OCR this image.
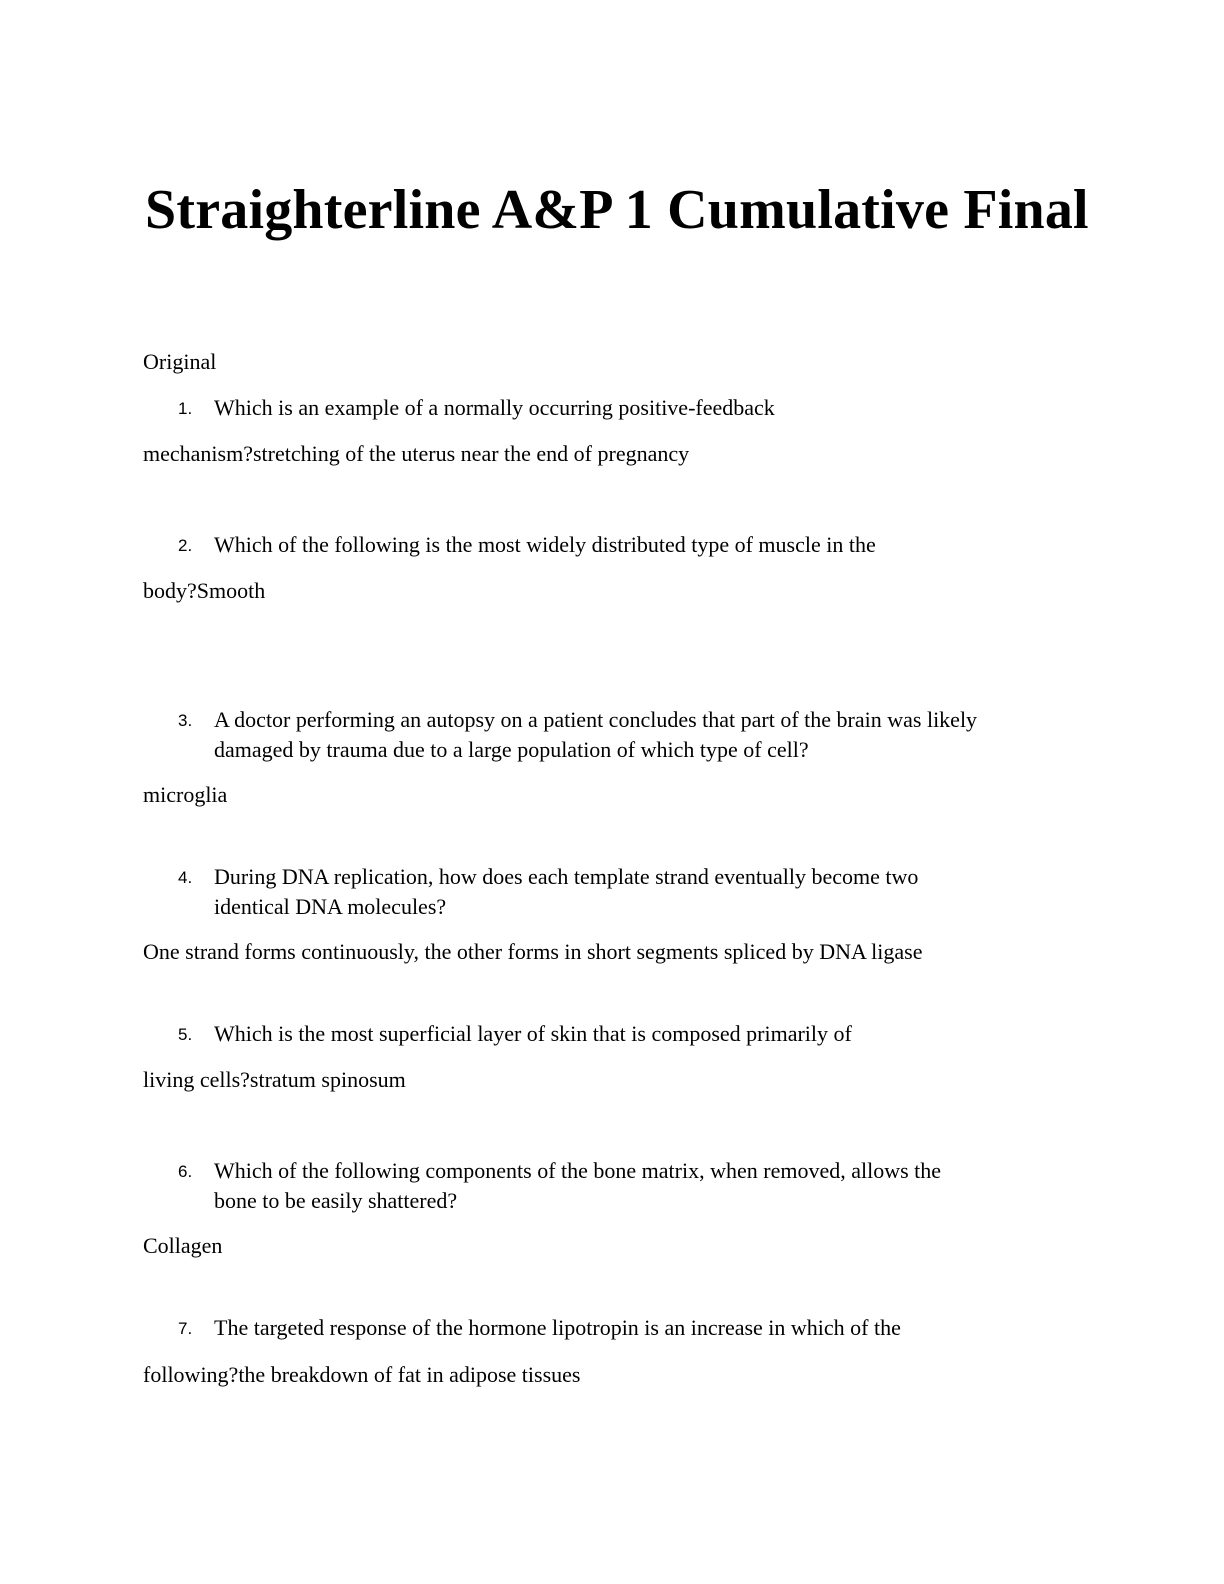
Straighterline A&P 1 Cumulative Final
Original
1. Which is an example of a normally occurring positive-feedback
mechanism?stretching of the uterus near the end of pregnancy
2. Which of the following is the most widely distributed type of muscle in the
body?Smooth
3. A doctor performing an autopsy on a patient concludes that part of the brain was likely
damaged by trauma due to a large population of which type of cell?
microglia
4. During DNA replication, how does each template strand eventually become two
identical DNA molecules?
One strand forms continuously, the other forms in short segments spliced by DNA ligase
5. Which is the most superficial layer of skin that is composed primarily of
living cells?stratum spinosum
6. Which of the following components of the bone matrix, when removed, allows the
bone to be easily shattered?
Collagen
7. The targeted response of the hormone lipotropin is an increase in which of the
following?the breakdown of fat in adipose tissues
